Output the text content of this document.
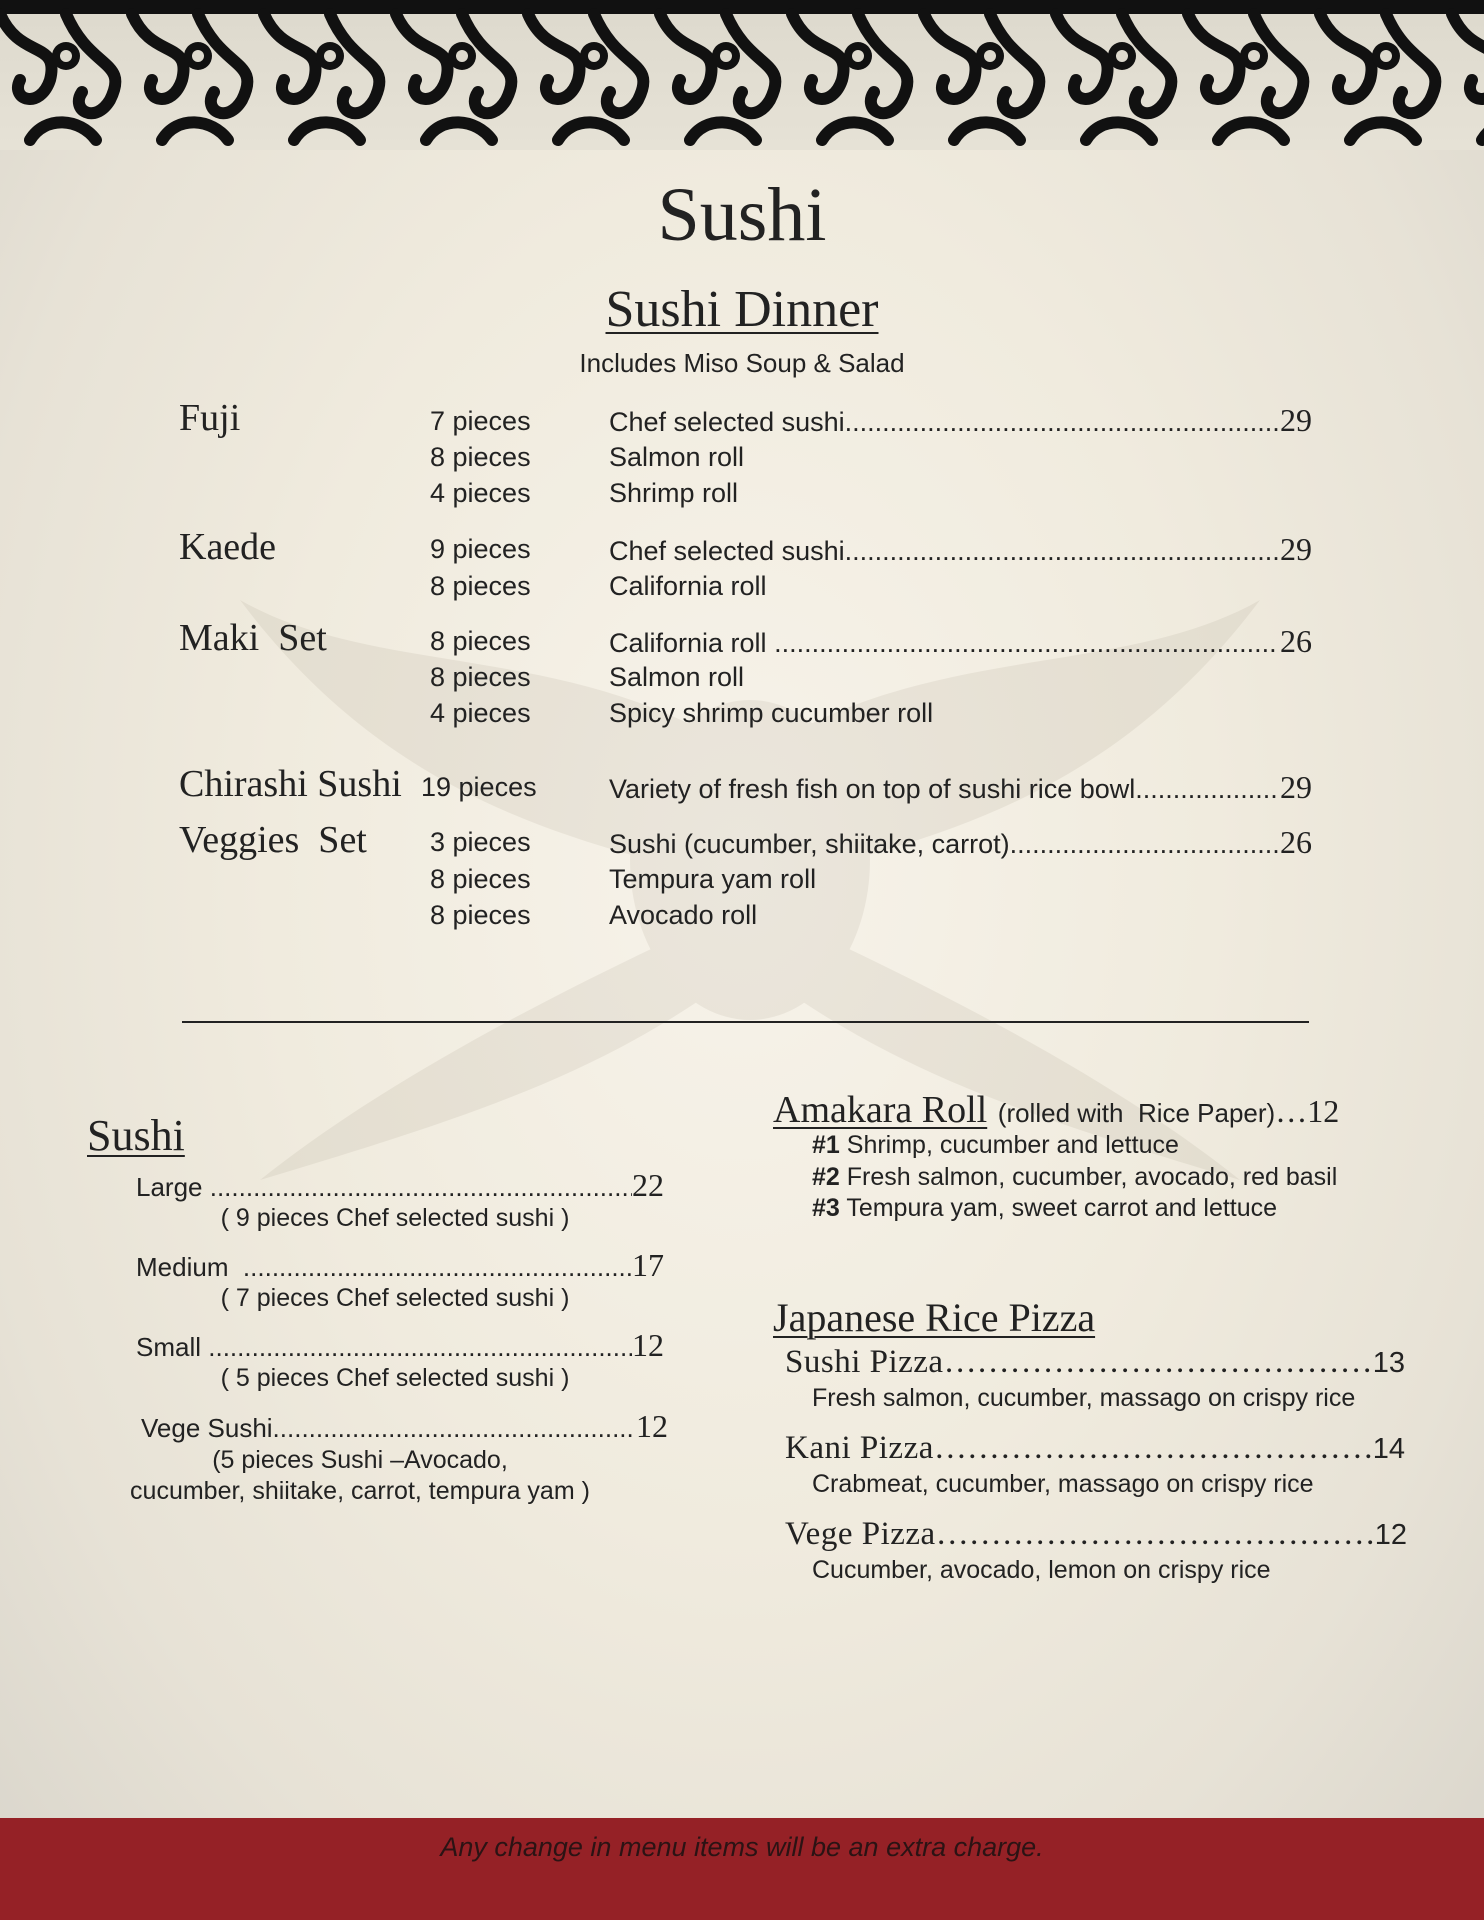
Sushi
Sushi Dinner
Includes Miso Soup & Salad
Fuji	7 pieces	Chef selected sushi .....	29
8 pieces	Salmon roll
4 pieces	Shrimp roll
Kaede	9 pieces	Chef selected sushi .....	29
8 pieces	California roll
Maki  Set	8 pieces	California roll .....	26
8 pieces	Salmon roll
4 pieces	Spicy shrimp cucumber roll
Chirashi Sushi 19 pieces	Variety of fresh fish on top of sushi rice bowl .....	29
Veggies  Set 3 pieces	Sushi (cucumber, shiitake, carrot) .....	26
8 pieces	Tempura yam roll
8 pieces	Avocado roll
Sushi
Large .....	22
( 9 pieces Chef selected sushi )
Medium .....	17
( 7 pieces Chef selected sushi )
Small .....	12
( 5 pieces Chef selected sushi )
Vege Sushi.. .....	12
(5 pieces Sushi –Avocado,
cucumber, shiitake, carrot, tempura yam )
Amakara Roll (rolled with  Rice Paper)…12
#1 Shrimp, cucumber and lettuce
#2 Fresh salmon, cucumber, avocado, red basil
#3 Tempura yam, sweet carrot and lettuce
Japanese Rice Pizza
Sushi Pizza …………………………………………………………………………………	13
Fresh salmon, cucumber, massago on crispy rice
Kani Pizza …………………………………………………………………………………	14
Crabmeat, cucumber, massago on crispy rice
Vege Pizza …………………………………………………………………………………	12
Cucumber, avocado, lemon on crispy rice
Any change in menu items will be an extra charge.
